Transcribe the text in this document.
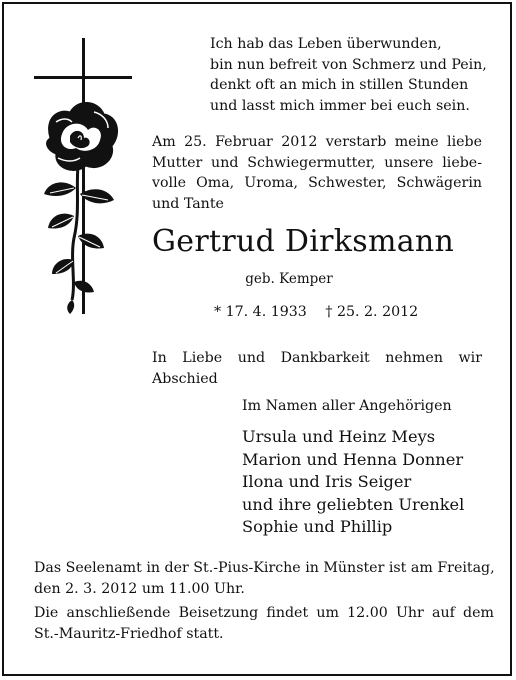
Ich hab das Leben überwunden,
bin nun befreit von Schmerz und Pein,
denkt oft an mich in stillen Stunden
und lasst mich immer bei euch sein.
Am 25. Februar 2012 verstarb meine liebe
Mutter und Schwiegermutter, unsere liebe-
volle Oma, Uroma, Schwester, Schwägerin
und Tante
Gertrud Dirksmann
geb. Kemper
* 17. 4. 1933 † 25. 2. 2012
In Liebe und Dankbarkeit nehmen wir
Abschied
Im Namen aller Angehörigen
Ursula und Heinz Meys
Marion und Henna Donner
Ilona und Iris Seiger
und ihre geliebten Urenkel
Sophie und Phillip
Das Seelenamt in der St.-Pius-Kirche in Münster ist am Freitag,
den 2. 3. 2012 um 11.00 Uhr.
Die anschließende Beisetzung findet um 12.00 Uhr auf dem
St.-Mauritz-Friedhof statt.
